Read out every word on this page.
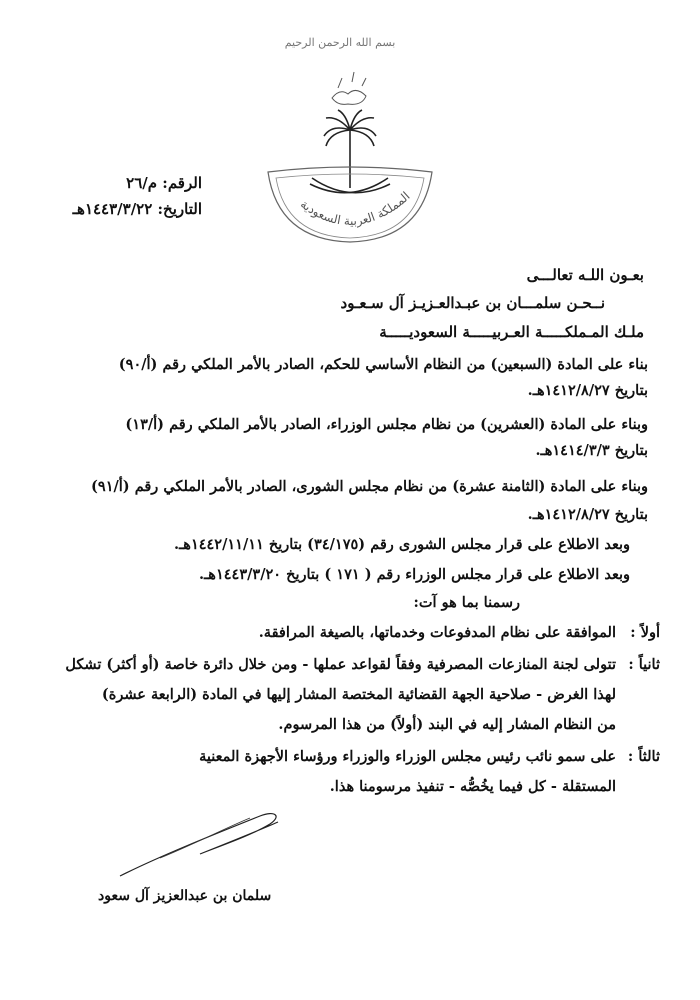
بسم الله الرحمن الرحيم
المملكة العربية السعودية
الرقم: م/٢٦
التاريخ: ١٤٤٣/٣/٢٢هـ
بعـون اللـه تعالـــى
نــحـن سلمـــان بن عبـدالعـزيـز آل سـعـود
ملـك المـملكـــــة العـربيـــــة السعوديـــــة
بناء على المادة (السبعين) من النظام الأساسي للحكم، الصادر بالأمر الملكي رقم (أ/٩٠)
بتاريخ ١٤١٢/٨/٢٧هـ.
وبناء على المادة (العشرين) من نظام مجلس الوزراء، الصادر بالأمر الملكي رقم (أ/١٣)
بتاريخ ١٤١٤/٣/٣هـ.
وبناء على المادة (الثامنة عشرة) من نظام مجلس الشورى، الصادر بالأمر الملكي رقم (أ/٩١)
بتاريخ ١٤١٢/٨/٢٧هـ.
وبعد الاطلاع على قرار مجلس الشورى رقم (٣٤/١٧٥) بتاريخ ١٤٤٢/١١/١١هـ.
وبعد الاطلاع على قرار مجلس الوزراء رقم ( ١٧١ ) بتاريخ ١٤٤٣/٣/٢٠هـ.
رسمنا بما هو آت:
أولاً :
الموافقة على نظام المدفوعات وخدماتها، بالصيغة المرافقة.
ثانياً :
تتولى لجنة المنازعات المصرفية وفقاً لقواعد عملها - ومن خلال دائرة خاصة (أو أكثر) تشكل
لهذا الغرض - صلاحية الجهة القضائية المختصة المشار إليها في المادة (الرابعة عشرة)
من النظام المشار إليه في البند (أولاً) من هذا المرسوم.
ثالثاً :
على سمو نائب رئيس مجلس الوزراء والوزراء ورؤساء الأجهزة المعنية
المستقلة - كل فيما يخُصُّه - تنفيذ مرسومنا هذا.
سلمان بن عبدالعزيز آل سعود
